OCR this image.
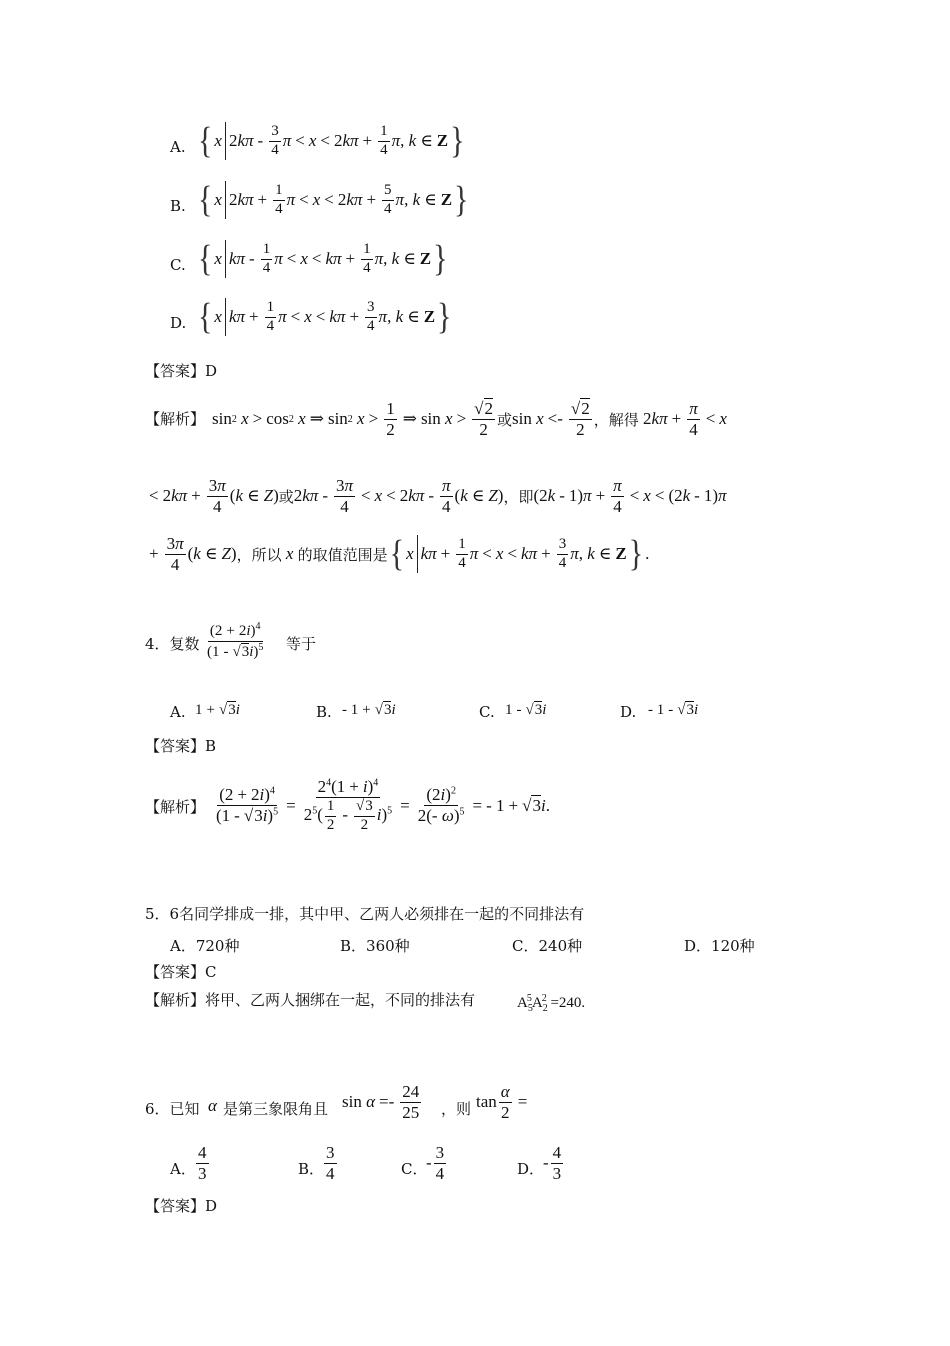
A. { x 2 kπ - $\frac{3}{4}$ π < x < 2 $k\pi + \frac{1}{4}$ π , k ∈ Z }
B. { x 2 $k\pi + \frac{1}{4}$ π < x < 2 $k\pi + \frac{5}{4}$ π , k ∈ Z }
C. { x kπ - $\frac{1}{4}$ $\pi < x < k\pi + \frac{1}{4}$ π , k ∈ Z }
D. { x $k\pi + \frac{1}{4}$ $\pi < x < k\pi + \frac{3}{4}$ π , k ∈ Z }
【答案】D
【解析】 sin 2
x > cos 2
x ⇒ sin 2
$x > \frac{1}{2}$ ⇒ $\sin x > \frac{√2}{2}$ 或 $\sin x <- \frac{√2}{2}$ ，解得 2 $k\pi + \frac{\pi}{4} < x$
< 2 $k\pi + \frac{3\pi}{4}$ ( k ∈ Z ) 或 2 $k\pi - \frac{3\pi}{4} < x < 2$ kπ - $\frac{\pi}{4}$ ( k ∈ Z ) ，即 (2 k - 1) $\pi + \frac{\pi}{4} < x < (2$ k - 1) π
+ $\frac{3\pi}{4}$ ( k ∈ Z ) ，所以 x 的取值范围是 { x $k\pi + \frac{1}{4}$ $\pi < x < k\pi + \frac{3}{4}$ π , k ∈ Z } .
4．复数 $\frac{(2 + 2i)^4}{(1 - √3i)^5}$ 等于
A. 1 + √ 3 i	B. - 1 + √ 3 i	C. 1 - √ 3 i	D. - 1 - √ 3 i
【答案】B
【解析】 $\frac{(2 + 2i)^4}{(1 - √3i)^5} = \frac{2^4(1 + i)^4}{2^5( \frac{1}{2} - \frac{√3}{2} i)^5} = \frac{(2i)^2}{2(- \omega)^5}$ = - 1 + √ 3 i .
5．6名同学排成一排，其中甲、乙两人必须排在一起的不同排法有
A．720种	B．360种	C．240种	D．120种
【答案】C
【解析】将甲、乙两人捆绑在一起，不同的排法有	$A_5^5A_2^2$
=240 .
6．已知 α 是第三象限角且 $\sin \alpha =- \frac{24}{25}$ ，则 $\tan \frac{\alpha}{2}$ =
A． $\frac{4}{3}$	B． $\frac{3}{4}$	C．
- $\frac{3}{4}$	D．
- $\frac{4}{3}$
【答案】D
